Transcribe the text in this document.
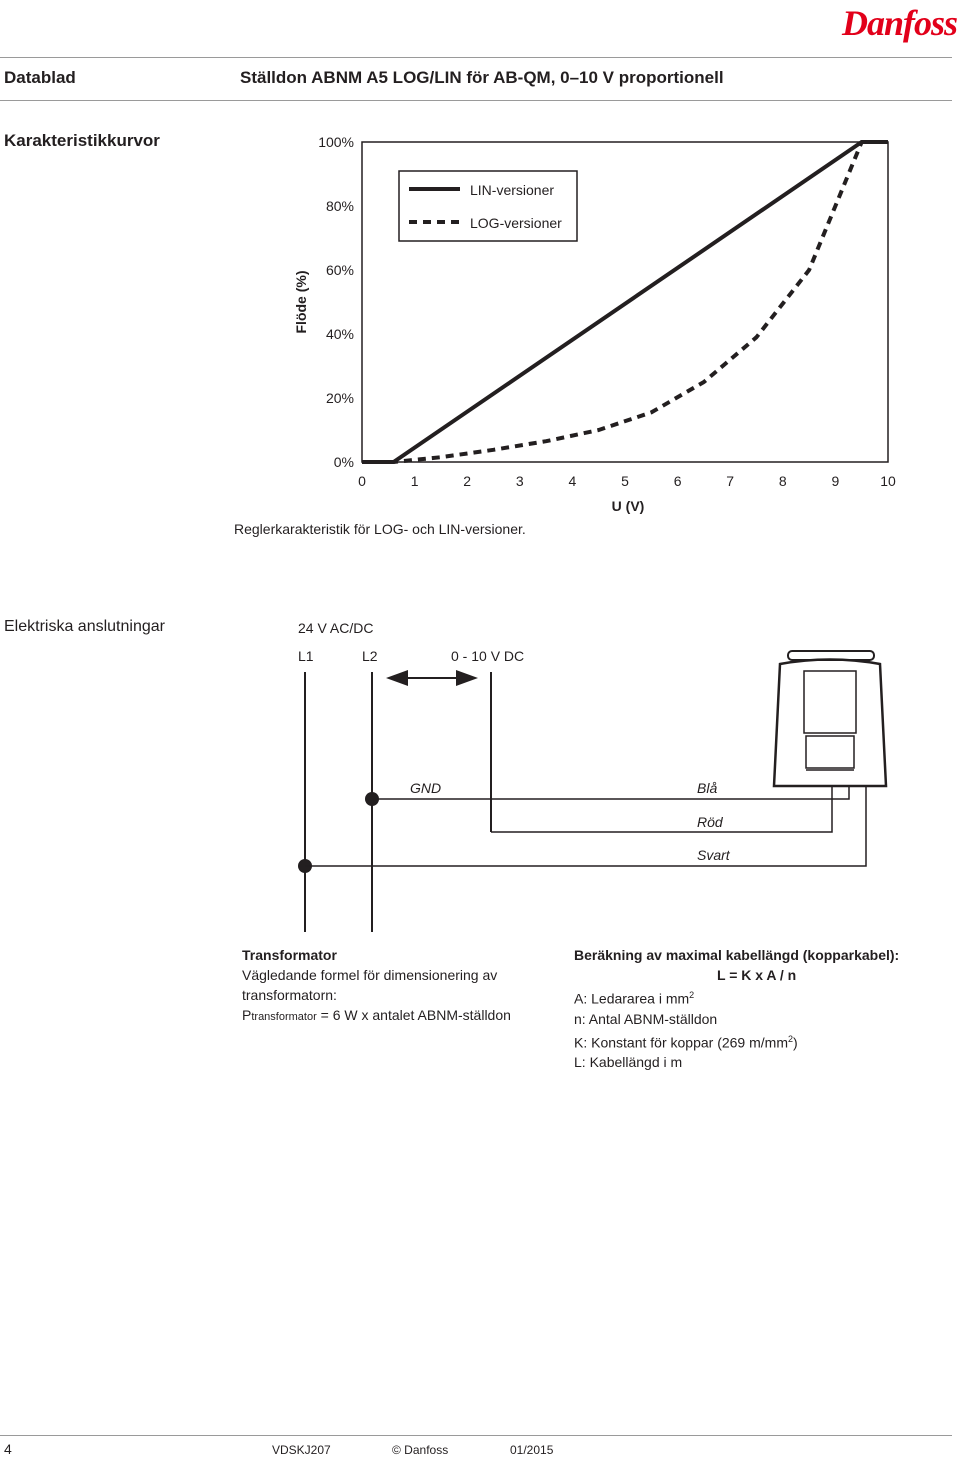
Danfoss
Datablad	Ställdon ABNM A5 LOG/LIN för AB-QM, 0–10 V proportionell
Karakteristikkurvor	100%
80%
60%
40%
20%
0%
0	1	2	3	4	5	6	7	8	9	10
Flöde (%)
U (V)
LIN-versioner
LOG-versioner
Reglerkarakteristik för LOG- och LIN-versioner.
Elektriska anslutningar	24 V AC/DC
L1	L2	0 - 10 V DC
GND	Blå
Röd
Svart
Transformator
Vägledande formel för dimensionering av
transformatorn:
Ptransformator = 6 W x antalet ABNM-ställdon
Beräkning av maximal kabellängd (kopparkabel):
L = K x A / n
A: Ledararea i $mm^2$
n: Antal ABNM-ställdon
K: Konstant för koppar (269 $m/mm^2$)
L: Kabellängd i m
4	VDSKJ207	© Danfoss	01/2015
